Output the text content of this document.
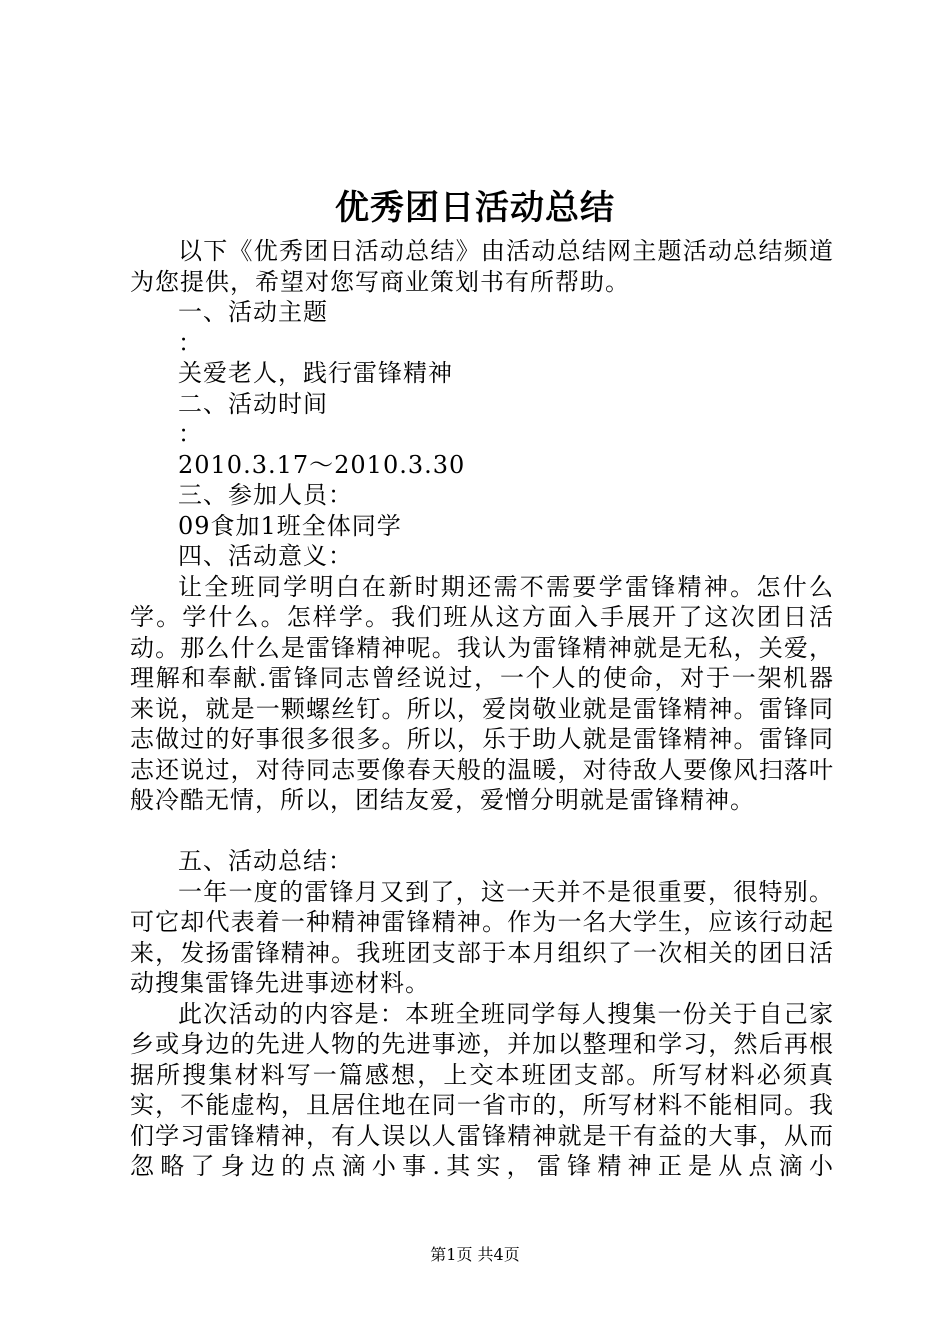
优秀团日活动总结

以下《优秀团日活动总结》由活动总结网主题活动总结频道为您提供，希望对您写商业策划书有所帮助。

一、活动主题

：

关爱老人，践行雷锋精神

二、活动时间

：

2010.3.17～2010.3.30

三、参加人员：

09食加1班全体同学

四、活动意义：

让全班同学明白在新时期还需不需要学雷锋精神。怎什么学。学什么。怎样学。我们班从这方面入手展开了这次团日活动。那么什么是雷锋精神呢。我认为雷锋精神就是无私，关爱，理解和奉献.雷锋同志曾经说过，一个人的使命，对于一架机器来说，就是一颗螺丝钉。所以，爱岗敬业就是雷锋精神。雷锋同志做过的好事很多很多。所以，乐于助人就是雷锋精神。雷锋同志还说过，对待同志要像春天般的温暖，对待敌人要像风扫落叶般冷酷无情，所以，团结友爱，爱憎分明就是雷锋精神。

五、活动总结：

一年一度的雷锋月又到了，这一天并不是很重要，很特别。可它却代表着一种精神雷锋精神。作为一名大学生，应该行动起来，发扬雷锋精神。我班团支部于本月组织了一次相关的团日活动搜集雷锋先进事迹材料。

此次活动的内容是：本班全班同学每人搜集一份关于自己家乡或身边的先进人物的先进事迹，并加以整理和学习，然后再根据所搜集材料写一篇感想，上交本班团支部。所写材料必须真实，不能虚构，且居住地在同一省市的，所写材料不能相同。我们学习雷锋精神，有人误以人雷锋精神就是干有益的大事，从而忽略了身边的点滴小事.其实，雷锋精神正是从点滴小

第1页 共4页
